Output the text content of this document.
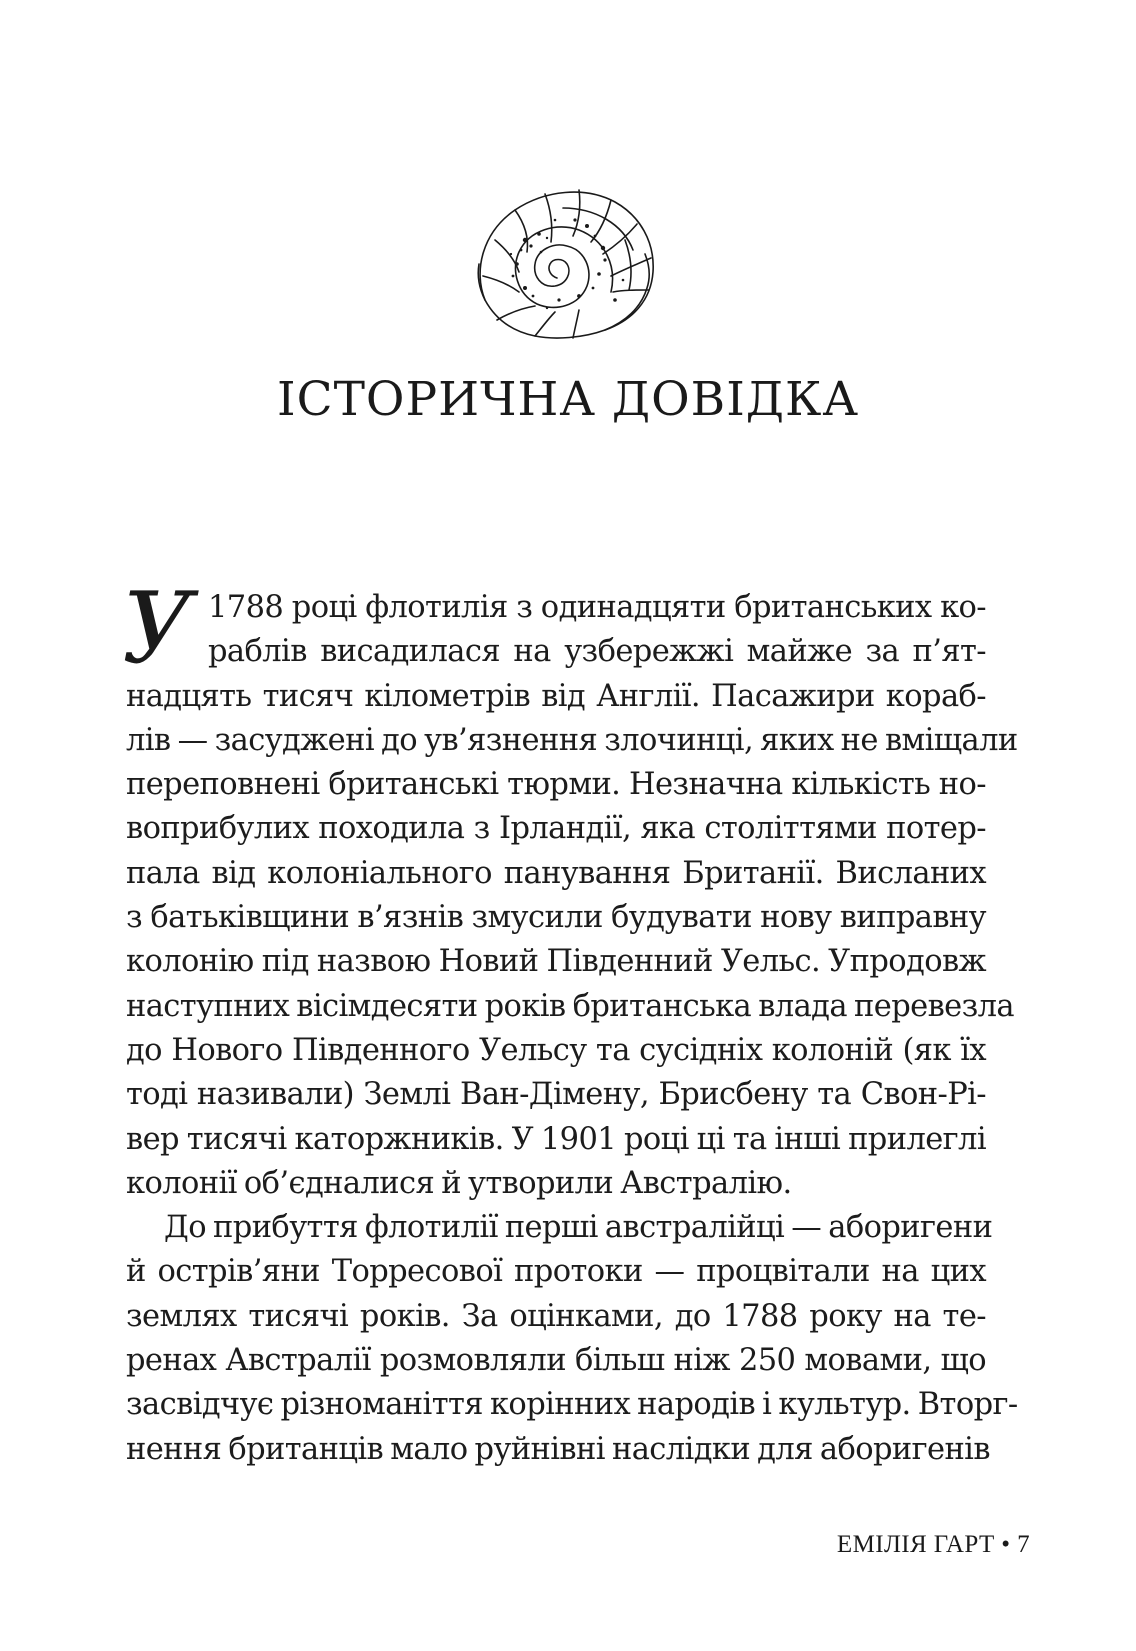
ІСТОРИЧНА ДОВІДКА
У 1788 році флотилія з одинадцяти британських ко-
раблів висадилася на узбережжі майже за п’ят-
надцять тисяч кілометрів від Англії. Пасажири кораб-
лів — засуджені до ув’язнення злочинці, яких не вміщали
переповнені британські тюрми. Незначна кількість но-
воприбулих походила з Ірландії, яка століттями потер-
пала від колоніального панування Британії. Висланих
з батьківщини в’язнів змусили будувати нову виправну
колонію під назвою Новий Південний Уельс. Упродовж
наступних вісімдесяти років британська влада перевезла
до Нового Південного Уельсу та сусідніх колоній (як їх
тоді називали) Землі Ван-Дімену, Брисбену та Свон-Рі-
вер тисячі каторжників. У 1901 році ці та інші прилеглі
колонії об’єдналися й утворили Австралію.
До прибуття флотилії перші австралійці — аборигени
й острів’яни Торресової протоки — процвітали на цих
землях тисячі років. За оцінками, до 1788 року на те-
ренах Австралії розмовляли більш ніж 250 мовами, що
засвідчує різноманіття корінних народів і культур. Вторг-
нення британців мало руйнівні наслідки для аборигенів
ЕМІЛІЯ ГАРТ • 7
